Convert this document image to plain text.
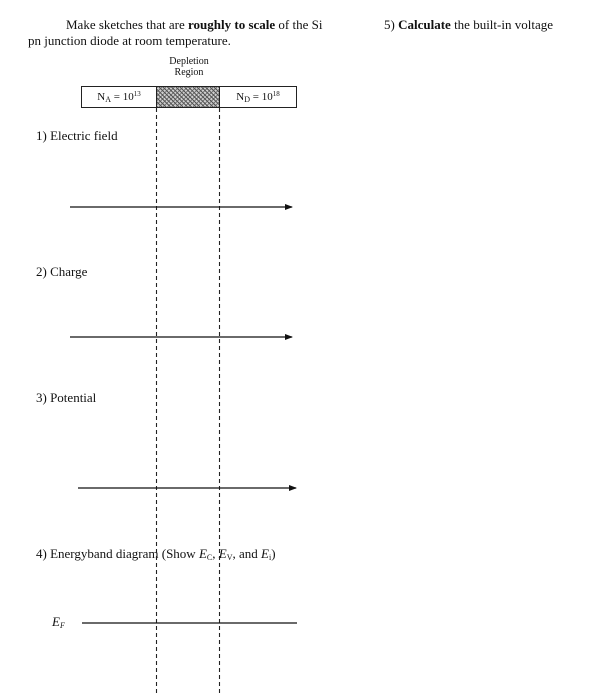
Make sketches that are roughly to scale of the Si
pn junction diode at room temperature.
5) Calculate the built-in voltage
Depletion
Region
$N_A = 10^{13}$	$N_D = 10^{18}$
1) Electric field
2) Charge
3) Potential
4) Energyband diagram (Show $E_C$, $E_V$, and $E_i$)
$E_F$
